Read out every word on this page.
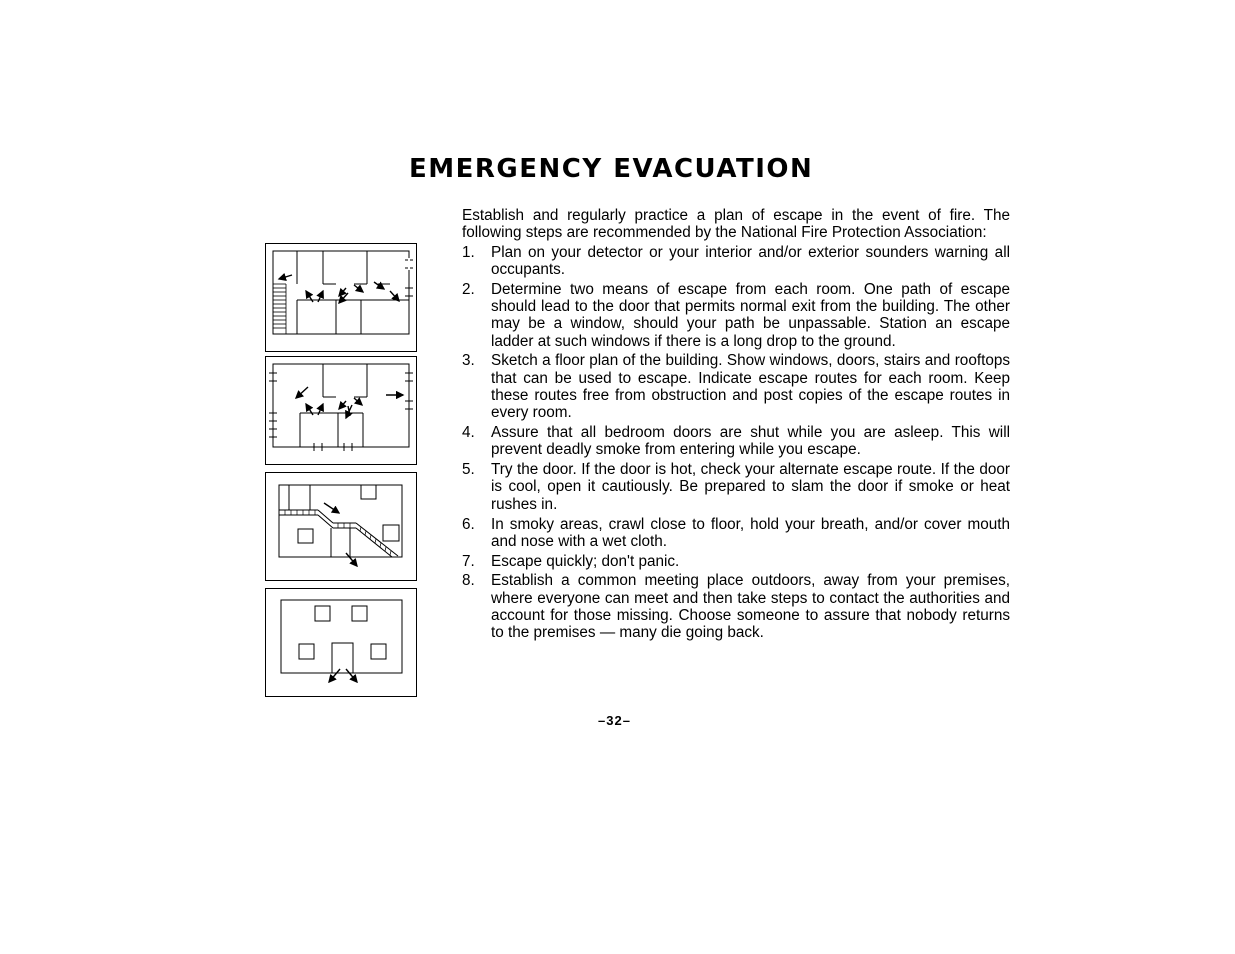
EMERGENCY EVACUATION

Establish and regularly practice a plan of escape in the event of fire. The following steps are recommended by the National Fire Protection Association:

1. Plan on your detector or your interior and/or exterior sounders warning all occupants.
2. Determine two means of escape from each room. One path of escape should lead to the door that permits normal exit from the building. The other may be a window, should your path be unpassable. Station an escape ladder at such windows if there is a long drop to the ground.
3. Sketch a floor plan of the building. Show windows, doors, stairs and rooftops that can be used to escape. Indicate escape routes for each room. Keep these routes free from obstruction and post copies of the escape routes in every room.
4. Assure that all bedroom doors are shut while you are asleep. This will prevent deadly smoke from entering while you escape.
5. Try the door. If the door is hot, check your alternate escape route. If the door is cool, open it cautiously. Be prepared to slam the door if smoke or heat rushes in.
6. In smoky areas, crawl close to floor, hold your breath, and/or cover mouth and nose with a wet cloth.
7. Escape quickly; don't panic.
8. Establish a common meeting place outdoors, away from your premises, where everyone can meet and then take steps to contact the authorities and account for those missing. Choose someone to assure that nobody returns to the premises — many die going back.
–32–
